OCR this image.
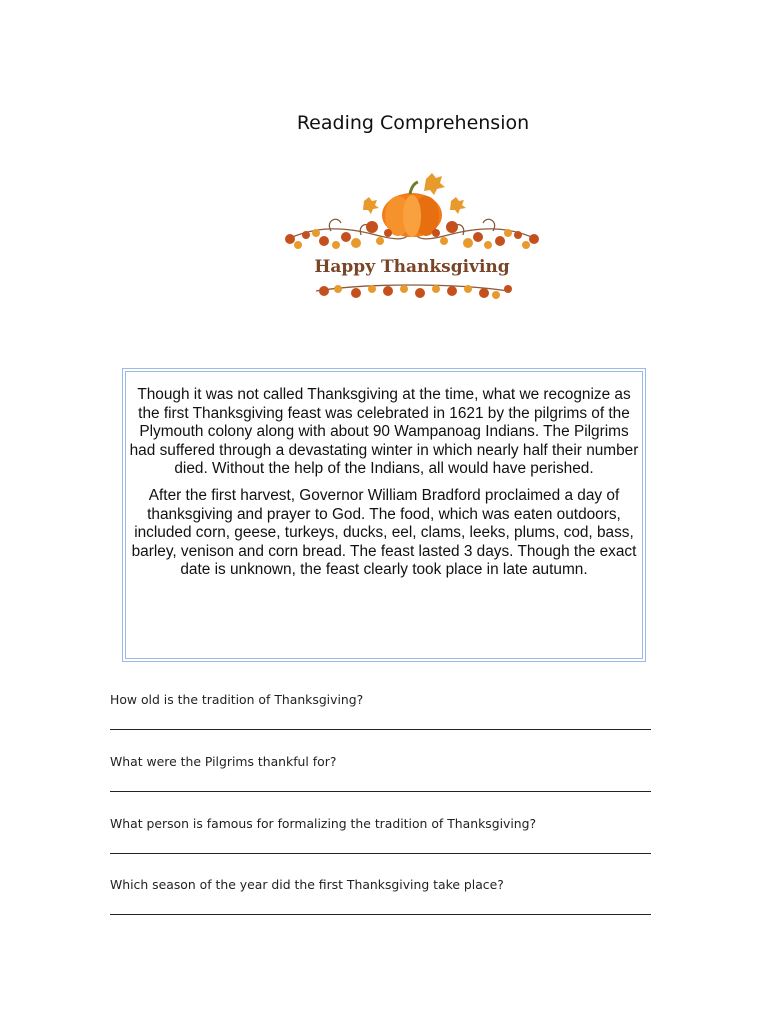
Reading Comprehension
Happy Thanksgiving

Though it was not called Thanksgiving at the time, what we recognize as the first Thanksgiving feast was celebrated in 1621 by the pilgrims of the Plymouth colony along with about 90 Wampanoag Indians. The Pilgrims had suffered through a devastating winter in which nearly half their number died. Without the help of the Indians, all would have perished.

After the first harvest, Governor William Bradford proclaimed a day of thanksgiving and prayer to God. The food, which was eaten outdoors, included corn, geese, turkeys, ducks, eel, clams, leeks, plums, cod, bass, barley, venison and corn bread. The feast lasted 3 days. Though the exact date is unknown, the feast clearly took place in late autumn.

How old is the tradition of Thanksgiving?
What were the Pilgrims thankful for?
What person is famous for formalizing the tradition of Thanksgiving?
Which season of the year did the first Thanksgiving take place?
